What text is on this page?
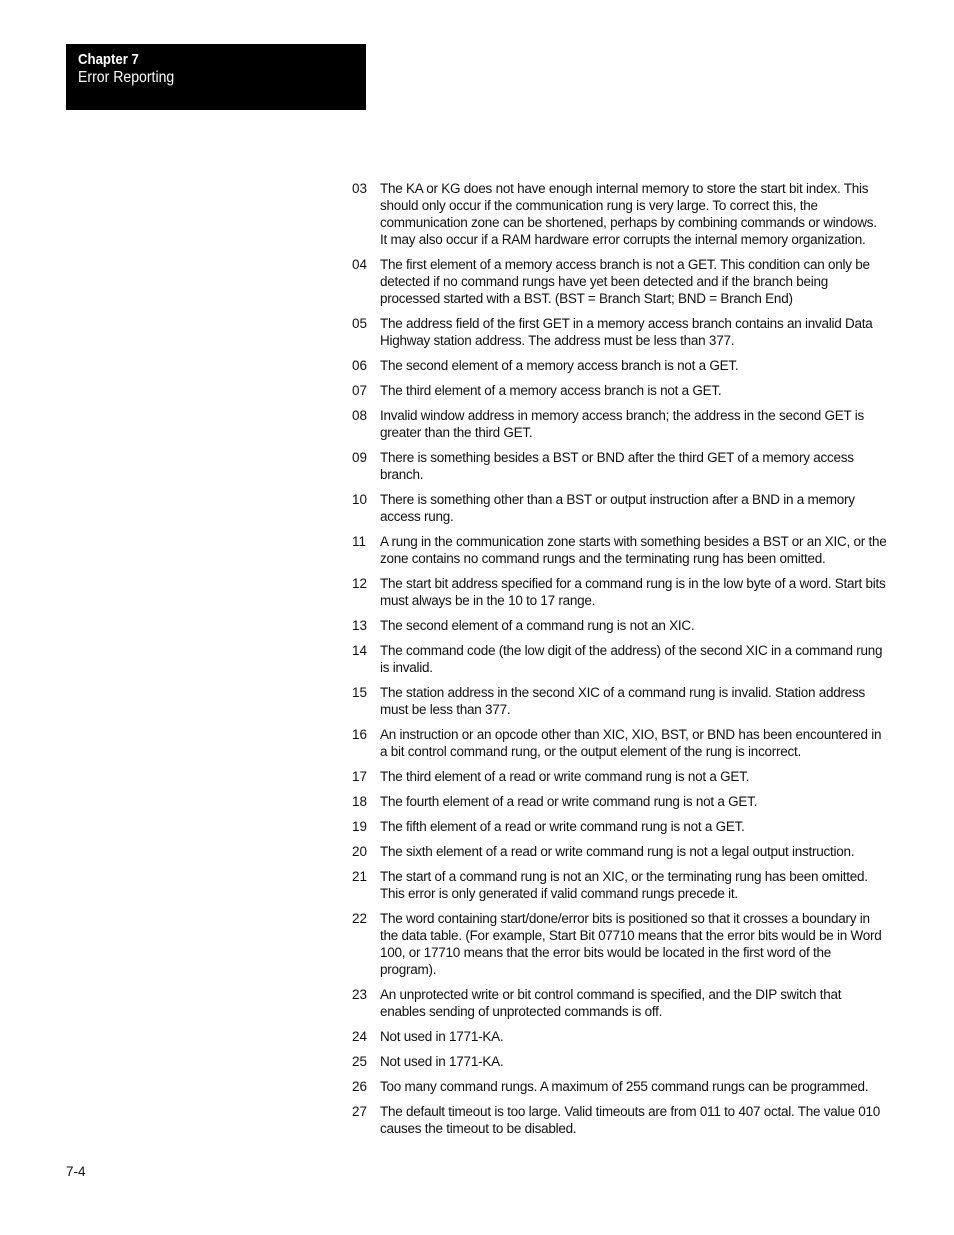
Chapter 7
Error Reporting
03 The KA or KG does not have enough internal memory to store the start bit index. This should only occur if the communication rung is very large. To correct this, the communication zone can be shortened, perhaps by combining commands or windows. It may also occur if a RAM hardware error corrupts the internal memory organization.
04 The first element of a memory access branch is not a GET. This condition can only be detected if no command rungs have yet been detected and if the branch being processed started with a BST. (BST = Branch Start; BND = Branch End)
05 The address field of the first GET in a memory access branch contains an invalid Data Highway station address. The address must be less than 377.
06 The second element of a memory access branch is not a GET.
07 The third element of a memory access branch is not a GET.
08 Invalid window address in memory access branch; the address in the second GET is greater than the third GET.
09 There is something besides a BST or BND after the third GET of a memory access branch.
10 There is something other than a BST or output instruction after a BND in a memory access rung.
11	A rung in the communication zone starts with something besides a BST or an XIC, or the zone contains no command rungs and the terminating rung has been omitted.
12 The start bit address specified for a command rung is in the low byte of a word. Start bits must always be in the 10 to 17 range.
13 The second element of a command rung is not an XIC.
14 The command code (the low digit of the address) of the second XIC in a command rung is invalid.
15 The station address in the second XIC of a command rung is invalid. Station address must be less than 377.
16 An instruction or an opcode other than XIC, XIO, BST, or BND has been encountered in a bit control command rung, or the output element of the rung is incorrect.
17 The third element of a read or write command rung is not a GET.
18 The fourth element of a read or write command rung is not a GET.
19 The fifth element of a read or write command rung is not a GET.
20 The sixth element of a read or write command rung is not a legal output instruction.
21 The start of a command rung is not an XIC, or the terminating rung has been omitted. This error is only generated if valid command rungs precede it.
22 The word containing start/done/error bits is positioned so that it crosses a boundary in the data table. (For example, Start Bit 07710 means that the error bits would be in Word 100, or 17710 means that the error bits would be located in the first word of the program).
23 An unprotected write or bit control command is specified, and the DIP switch that enables sending of unprotected commands is off.
24 Not used in 1771-KA.
25 Not used in 1771-KA.
26 Too many command rungs. A maximum of 255 command rungs can be programmed.
27 The default timeout is too large. Valid timeouts are from 011 to 407 octal. The value 010 causes the timeout to be disabled.
7-4
